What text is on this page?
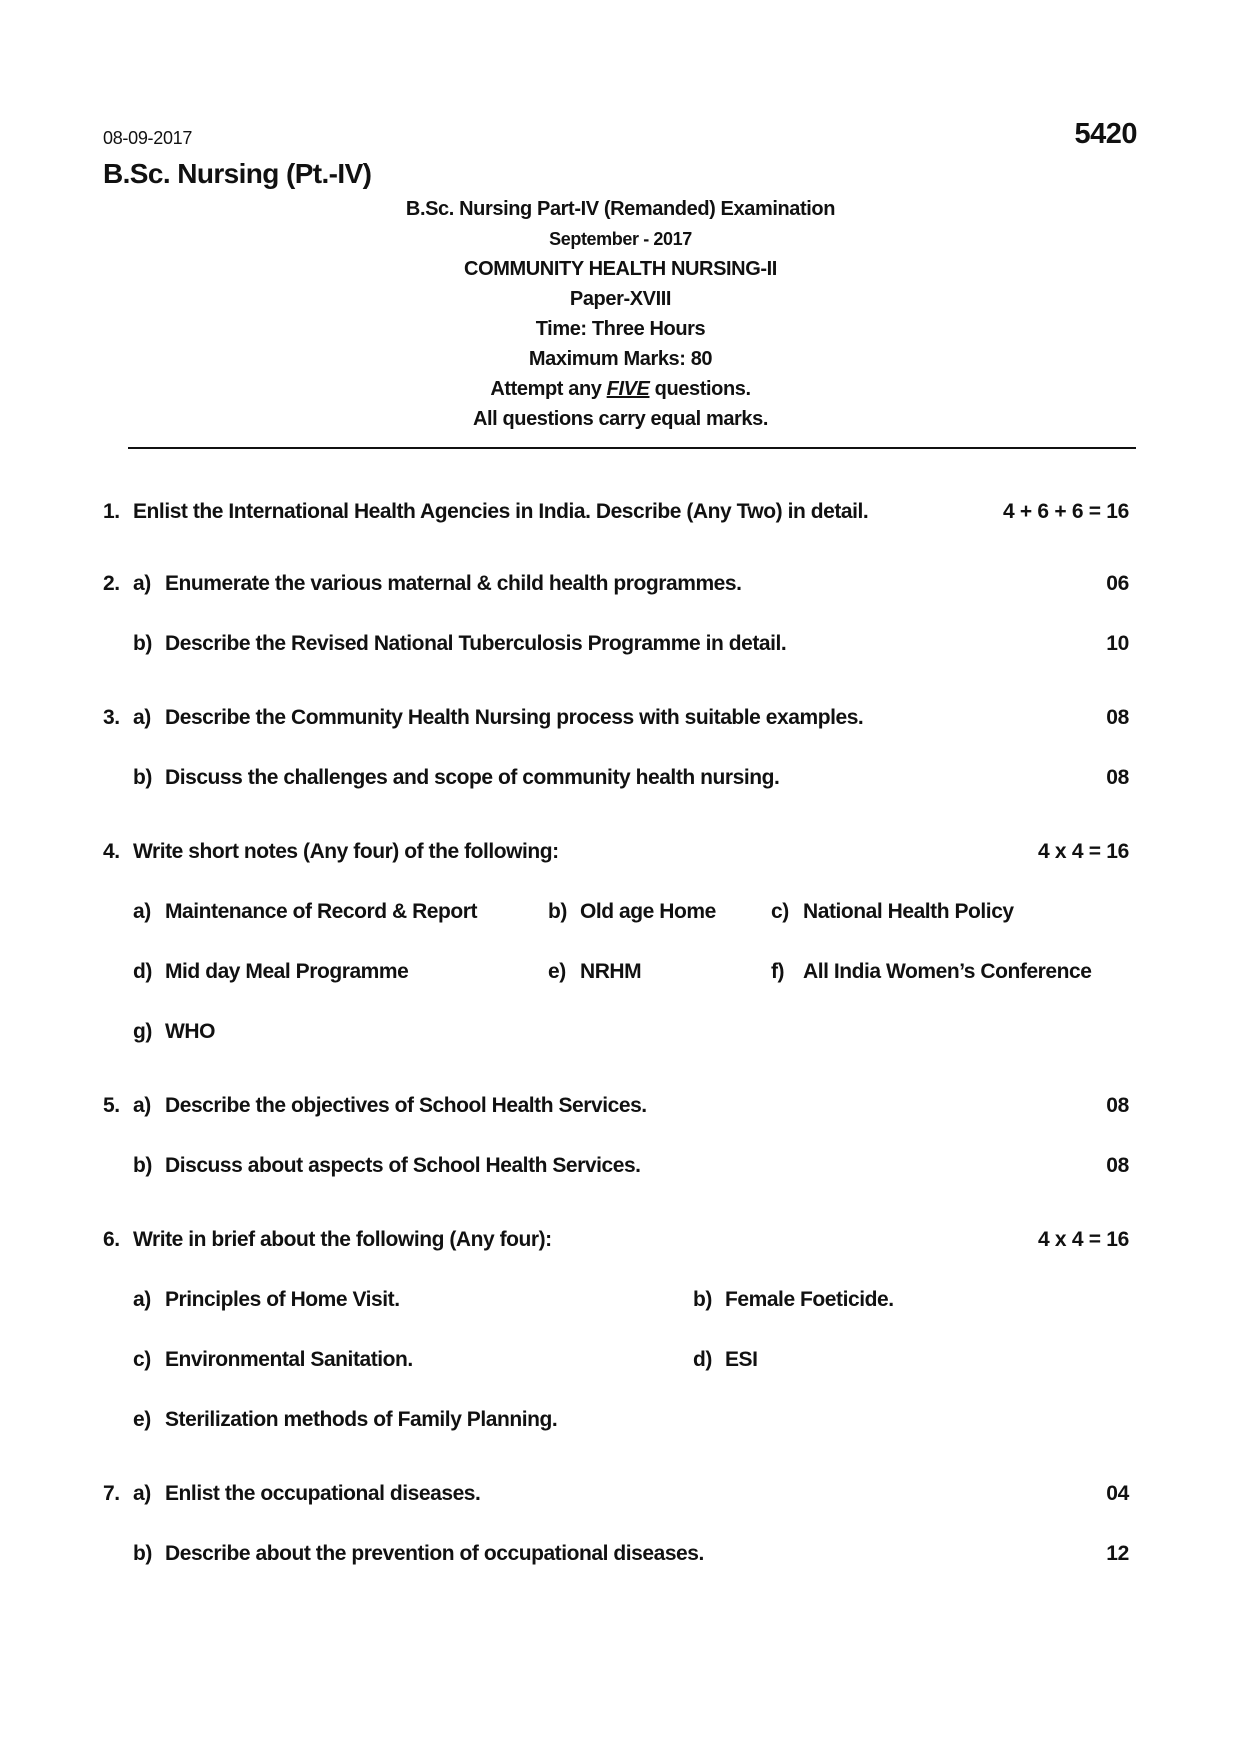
08-09-2017	5420
B.Sc. Nursing (Pt.-IV)
B.Sc. Nursing Part-IV (Remanded) Examination
September - 2017
COMMUNITY HEALTH NURSING-II
Paper-XVIII
Time: Three Hours
Maximum Marks: 80
Attempt any FIVE questions.
All questions carry equal marks.
1. Enlist the International Health Agencies in India. Describe (Any Two) in detail.	4 + 6 + 6 = 16
2. a) Enumerate the various maternal & child health programmes.	06
b) Describe the Revised National Tuberculosis Programme in detail.	10
3. a) Describe the Community Health Nursing process with suitable examples.	08
b) Discuss the challenges and scope of community health nursing.	08
4. Write short notes (Any four) of the following:	4 x 4 = 16
a) Maintenance of Record & Report	b) Old age Home	c) National Health Policy
d) Mid day Meal Programme	e) NRHM	f) All India Women’s Conference
g) WHO
5. a) Describe the objectives of School Health Services.	08
b) Discuss about aspects of School Health Services.	08
6. Write in brief about the following (Any four):	4 x 4 = 16
a) Principles of Home Visit.	b) Female Foeticide.
c) Environmental Sanitation.	d) ESI
e) Sterilization methods of Family Planning.
7. a) Enlist the occupational diseases.	04
b) Describe about the prevention of occupational diseases.	12
